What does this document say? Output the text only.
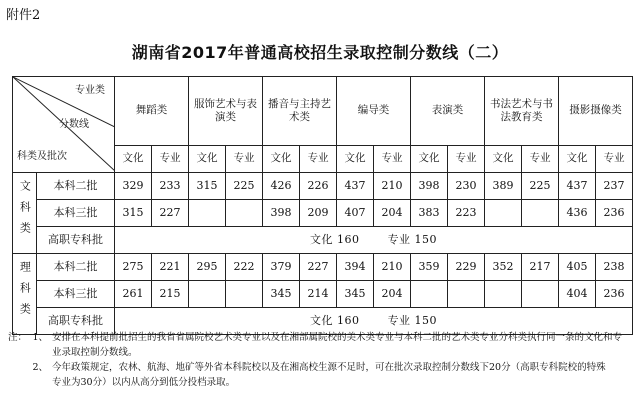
附件2
湖南省2017年普通高校招生录取控制分数线（二）
专业类
分数线
科类及批次		舞蹈类		服饰艺术与表演类		播音与主持艺术类		编导类		表演类		书法艺术与书法教育类		摄影摄像类	
		文化	专业	文化	专业	文化	专业	文化	专业	文化	专业	文化	专业	文化	专业
文科类	本科二批	329	233	315	225	426	226	437	210	398	230	389	225	437	237
	本科三批	315	227			398	209	407	204	383	223			436	236
	高职专科批	文化 160 专业 150													
理科类	本科二批	275	221	295	222	379	227	394	210	359	229	352	217	405	238
	本科三批	261	215			345	214	345	204					404	236
	高职专科批	文化 160 专业 150													
注： 1、 安排在本科提前批招生的我省省属院校艺术类专业以及在湘部属院校的美术类专业与本科二批的艺术类专业分科类执行同一条的文化和专
业录取控制分数线。
2、 今年政策规定，农林、航海、地矿等外省本科院校以及在湘高校生源不足时，可在批次录取控制分数线下20分（高职专科院校的特殊
专业为30分）以内从高分到低分投档录取。
